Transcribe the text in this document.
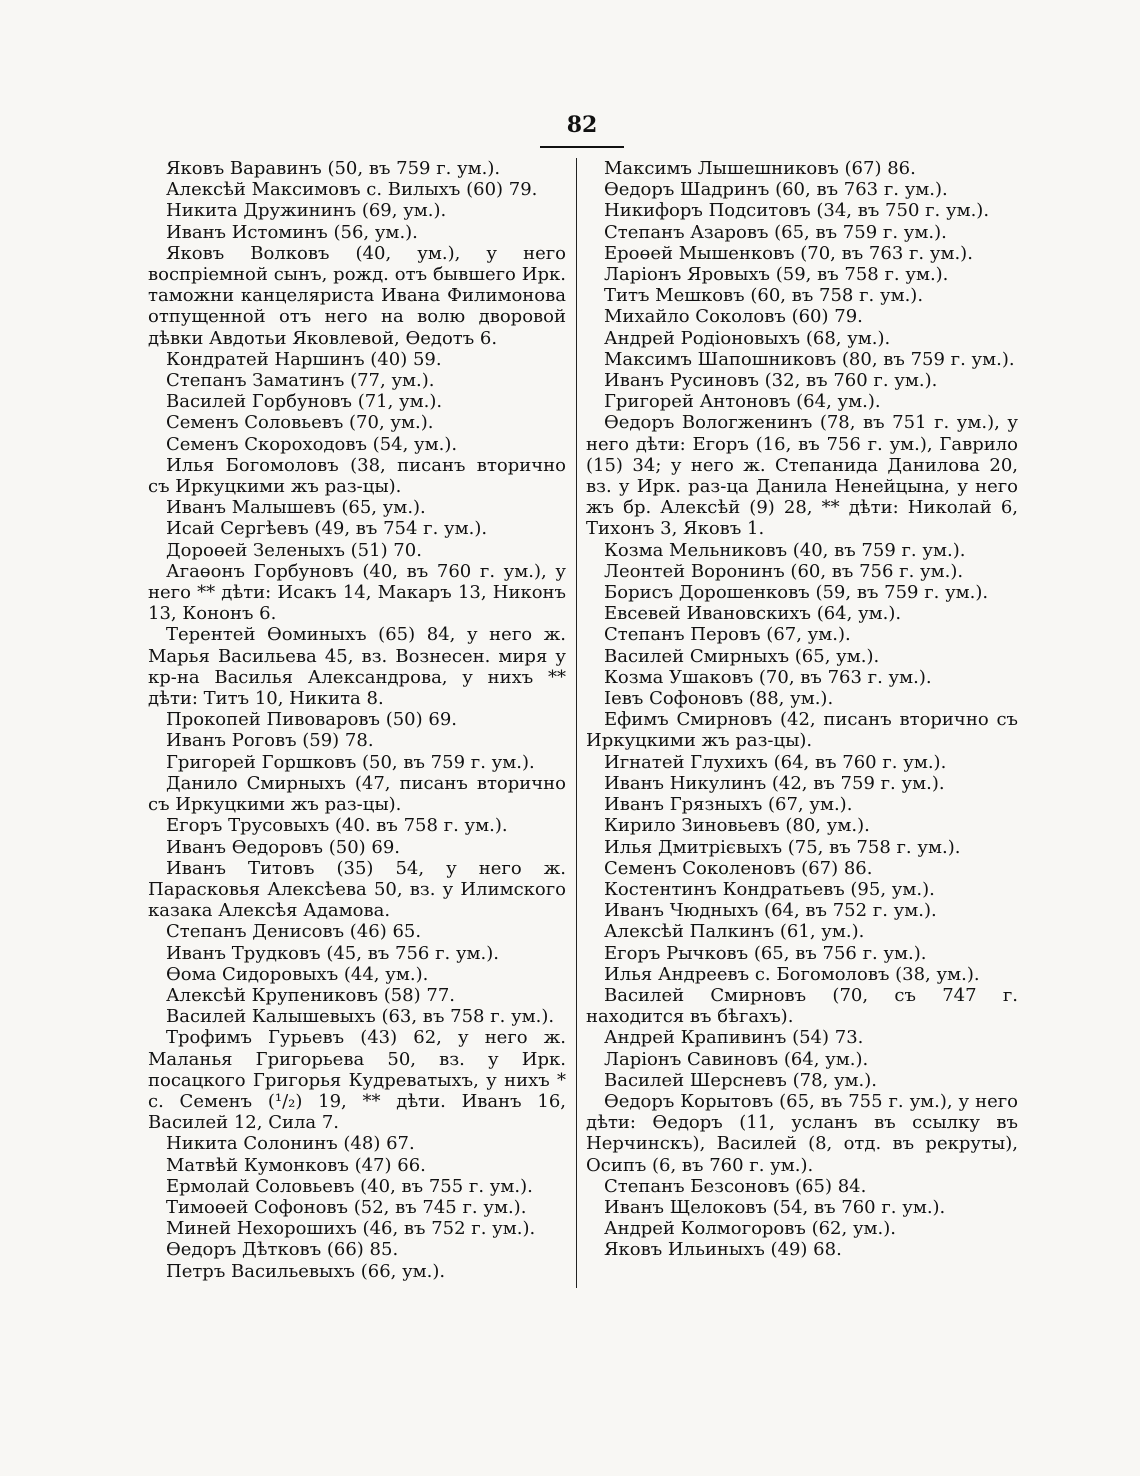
82

Яковъ Варавинъ (50, въ 759 г. ум.).

Алексѣй Максимовъ с. Вилыхъ (60) 79.

Никита Дружининъ (69, ум.).

Иванъ Истоминъ (56, ум.).

Яковъ Волковъ (40, ум.), у него воспріемной сынъ, рожд. отъ бывшего Ирк. таможни канцеляриста Ивана Филимонова отпущенной отъ него на волю дворовой дѣвки Авдотьи Яковлевой, Өедотъ 6.

Кондратей Наршинъ (40) 59.

Степанъ Заматинъ (77, ум.).

Василей Горбуновъ (71, ум.).

Семенъ Соловьевъ (70, ум.).

Семенъ Скороходовъ (54, ум.).

Илья Богомоловъ (38, писанъ вторично съ Иркуцкими жъ раз-цы).

Иванъ Малышевъ (65, ум.).

Исай Сергѣевъ (49, въ 754 г. ум.).

Дороөей Зеленыхъ (51) 70.

Агаөонъ Горбуновъ (40, въ 760 г. ум.), у него ** дѣти: Исакъ 14, Макаръ 13, Никонъ 13, Кононъ 6.

Терентей Өоминыхъ (65) 84, у него ж. Марья Васильева 45, вз. Вознесен. миря у кр-на Василья Александрова, у нихъ ** дѣти: Титъ 10, Никита 8.

Прокопей Пивоваровъ (50) 69.

Иванъ Роговъ (59) 78.

Григорей Горшковъ (50, въ 759 г. ум.).

Данило Смирныхъ (47, писанъ вторично съ Иркуцкими жъ раз-цы).

Егоръ Трусовыхъ (40. въ 758 г. ум.).

Иванъ Өедоровъ (50) 69.

Иванъ Титовъ (35) 54, у него ж. Парасковья Алексѣева 50, вз. у Илимского казака Алексѣя Адамова.

Степанъ Денисовъ (46) 65.

Иванъ Трудковъ (45, въ 756 г. ум.).

Өома Сидоровыхъ (44, ум.).

Алексѣй Крупениковъ (58) 77.

Василей Калышевыхъ (63, въ 758 г. ум.).

Трофимъ Гурьевъ (43) 62, у него ж. Маланья Григорьева 50, вз. у Ирк. посацкого Григорья Кудреватыхъ, у нихъ * с. Семенъ (¹/₂) 19, ** дѣти. Иванъ 16, Василей 12, Сила 7.

Никита Солонинъ (48) 67.

Матвѣй Кумонковъ (47) 66.

Ермолай Соловьевъ (40, въ 755 г. ум.).

Тимоөей Софоновъ (52, въ 745 г. ум.).

Миней Нехорошихъ (46, въ 752 г. ум.).

Өедоръ Дѣтковъ (66) 85.

Петръ Васильевыхъ (66, ум.).

Максимъ Лышешниковъ (67) 86.

Өедоръ Шадринъ (60, въ 763 г. ум.).

Никифоръ Подситовъ (34, въ 750 г. ум.).

Степанъ Азаровъ (65, въ 759 г. ум.).

Ероөей Мышенковъ (70, въ 763 г. ум.).

Ларіонъ Яровыхъ (59, въ 758 г. ум.).

Титъ Мешковъ (60, въ 758 г. ум.).

Михайло Соколовъ (60) 79.

Андрей Родіоновыхъ (68, ум.).

Максимъ Шапошниковъ (80, въ 759 г. ум.).

Иванъ Русиновъ (32, въ 760 г. ум.).

Григорей Антоновъ (64, ум.).

Өедоръ Вологженинъ (78, въ 751 г. ум.), у него дѣти: Егоръ (16, въ 756 г. ум.), Гаврило (15) 34; у него ж. Степанида Данилова 20, вз. у Ирк. раз-ца Данила Ненейцына, у него жъ бр. Алексѣй (9) 28, ** дѣти: Николай 6, Тихонъ 3, Яковъ 1.

Козма Мельниковъ (40, въ 759 г. ум.).

Леонтей Воронинъ (60, въ 756 г. ум.).

Борисъ Дорошенковъ (59, въ 759 г. ум.).

Евсевей Ивановскихъ (64, ум.).

Степанъ Перовъ (67, ум.).

Василей Смирныхъ (65, ум.).

Козма Ушаковъ (70, въ 763 г. ум.).

Іевъ Софоновъ (88, ум.).

Ефимъ Смирновъ (42, писанъ вторично съ Иркуцкими жъ раз-цы).

Игнатей Глухихъ (64, въ 760 г. ум.).

Иванъ Никулинъ (42, въ 759 г. ум.).

Иванъ Грязныхъ (67, ум.).

Кирило Зиновьевъ (80, ум.).

Илья Дмитрієвыхъ (75, въ 758 г. ум.).

Семенъ Соколеновъ (67) 86.

Костентинъ Кондратьевъ (95, ум.).

Иванъ Чюдныхъ (64, въ 752 г. ум.).

Алексѣй Палкинъ (61, ум.).

Егоръ Рычковъ (65, въ 756 г. ум.).

Илья Андреевъ с. Богомоловъ (38, ум.).

Василей Смирновъ (70, съ 747 г. находится въ бѣгахъ).

Андрей Крапивинъ (54) 73.

Ларіонъ Савиновъ (64, ум.).

Василей Шерсневъ (78, ум.).

Өедоръ Корытовъ (65, въ 755 г. ум.), у него дѣти: Өедоръ (11, усланъ въ ссылку въ Нерчинскъ), Василей (8, отд. въ рекруты), Осипъ (6, въ 760 г. ум.).

Степанъ Безсоновъ (65) 84.

Иванъ Щелоковъ (54, въ 760 г. ум.).

Андрей Колмогоровъ (62, ум.).

Яковъ Ильиныхъ (49) 68.
